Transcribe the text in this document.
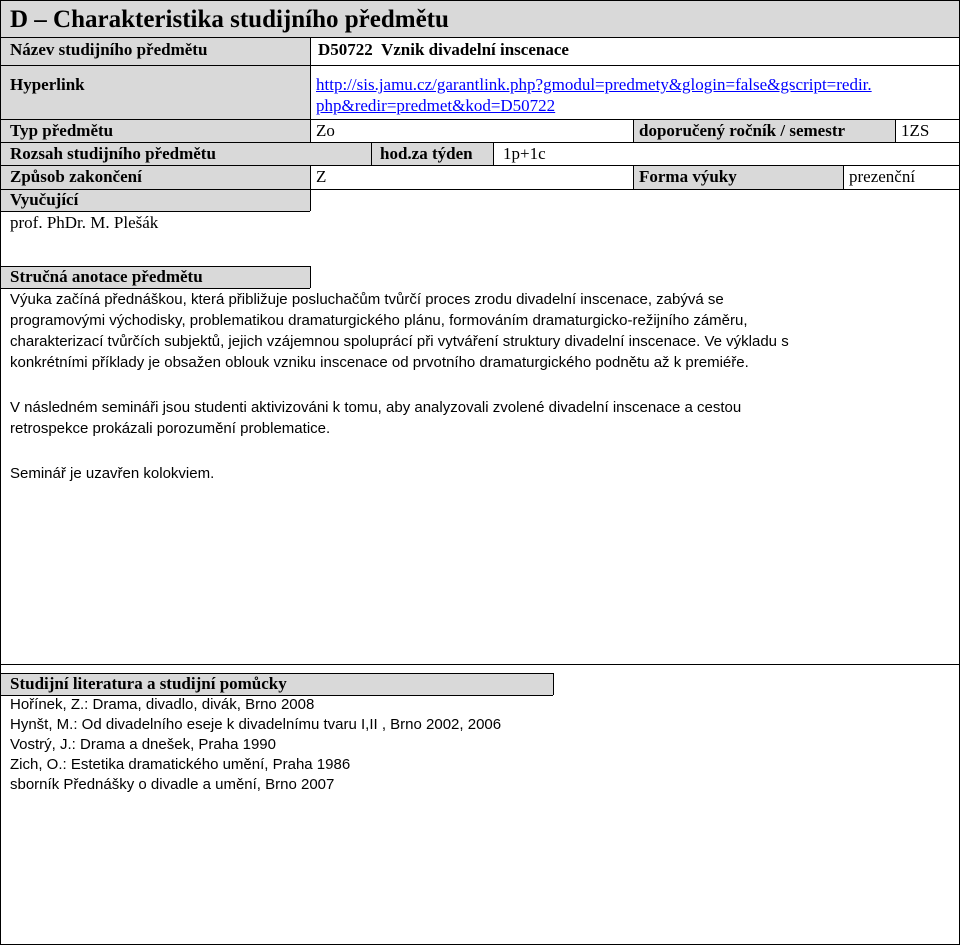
D – Charakteristika studijního předmětu
Název studijního předmětu	D50722  Vznik divadelní inscenace
Hyperlink	http://sis.jamu.cz/garantlink.php?gmodul=predmety&glogin=false&gscript=redir.
php&redir=predmet&kod=D50722
Typ předmětu	Zo	doporučený ročník / semestr	1ZS
Rozsah studijního předmětu	hod.za týden 1p+1c
Způsob zakončení	Z	Forma výuky	prezenční
Vyučující
prof. PhDr. M. Plešák
Stručná anotace předmětu
Výuka začíná přednáškou, která přibližuje posluchačům tvůrčí proces zrodu divadelní inscenace, zabývá se
programovými východisky, problematikou dramaturgického plánu, formováním dramaturgicko-režijního záměru,
charakterizací tvůrčích subjektů, jejich vzájemnou spoluprácí při vytváření struktury divadelní inscenace. Ve výkladu s
konkrétními příklady je obsažen oblouk vzniku inscenace od prvotního dramaturgického podnětu až k premiéře.
V následném semináři jsou studenti aktivizováni k tomu, aby analyzovali zvolené divadelní inscenace a cestou
retrospekce prokázali porozumění problematice.
Seminář je uzavřen kolokviem.
Studijní literatura a studijní pomůcky
Hořínek, Z.: Drama, divadlo, divák, Brno 2008
Hynšt, M.: Od divadelního eseje k divadelnímu tvaru I,II , Brno 2002, 2006
Vostrý, J.: Drama a dnešek, Praha 1990
Zich, O.: Estetika dramatického umění, Praha 1986
sborník Přednášky o divadle a umění, Brno 2007
